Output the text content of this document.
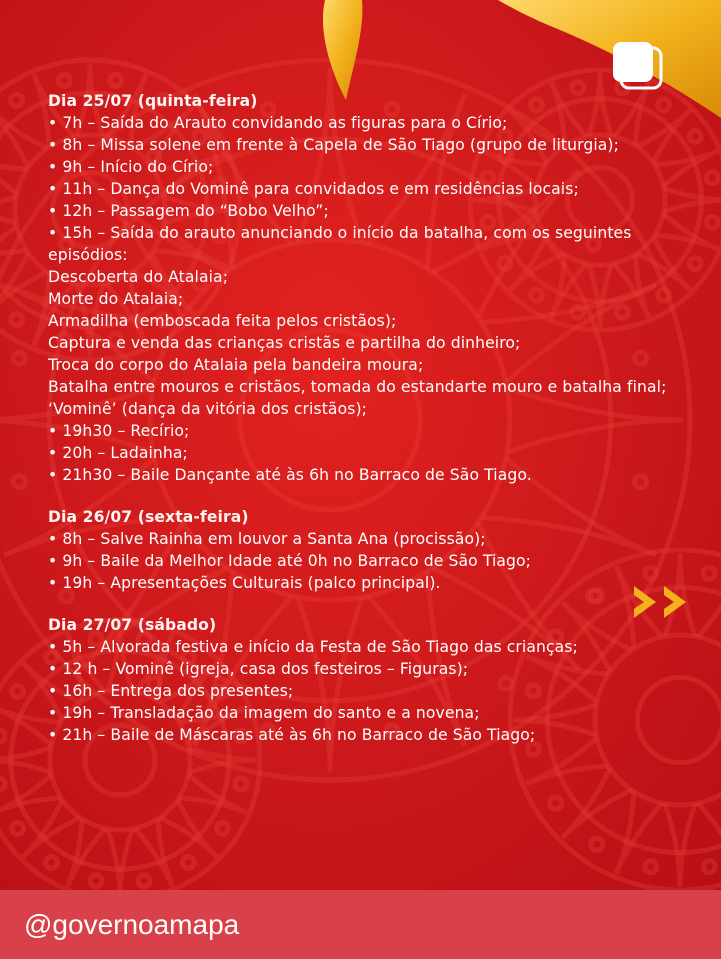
Dia 25/07 (quinta-feira)
• 7h – Saída do Arauto convidando as figuras para o Círio;
• 8h – Missa solene em frente à Capela de São Tiago (grupo de liturgia);
• 9h – Início do Círio;
• 11h – Dança do Vominê para convidados e em residências locais;
• 12h – Passagem do “Bobo Velho”;
• 15h – Saída do arauto anunciando o início da batalha, com os seguintes episódios:
Descoberta do Atalaia;
Morte do Atalaia;
Armadilha (emboscada feita pelos cristãos);
Captura e venda das crianças cristãs e partilha do dinheiro;
Troca do corpo do Atalaia pela bandeira moura;
Batalha entre mouros e cristãos, tomada do estandarte mouro e batalha final;
‘Vominê’ (dança da vitória dos cristãos);
• 19h30 – Recírio;
• 20h – Ladainha;
• 21h30 – Baile Dançante até às 6h no Barraco de São Tiago.
Dia 26/07 (sexta-feira)
• 8h – Salve Rainha em louvor a Santa Ana (procissão);
• 9h – Baile da Melhor Idade até 0h no Barraco de São Tiago;
• 19h – Apresentações Culturais (palco principal).
Dia 27/07 (sábado)
• 5h – Alvorada festiva e início da Festa de São Tiago das crianças;
• 12 h – Vominê (igreja, casa dos festeiros – Figuras);
• 16h – Entrega dos presentes;
• 19h – Transladação da imagem do santo e a novena;
• 21h – Baile de Máscaras até às 6h no Barraco de São Tiago;
@governoamapa
